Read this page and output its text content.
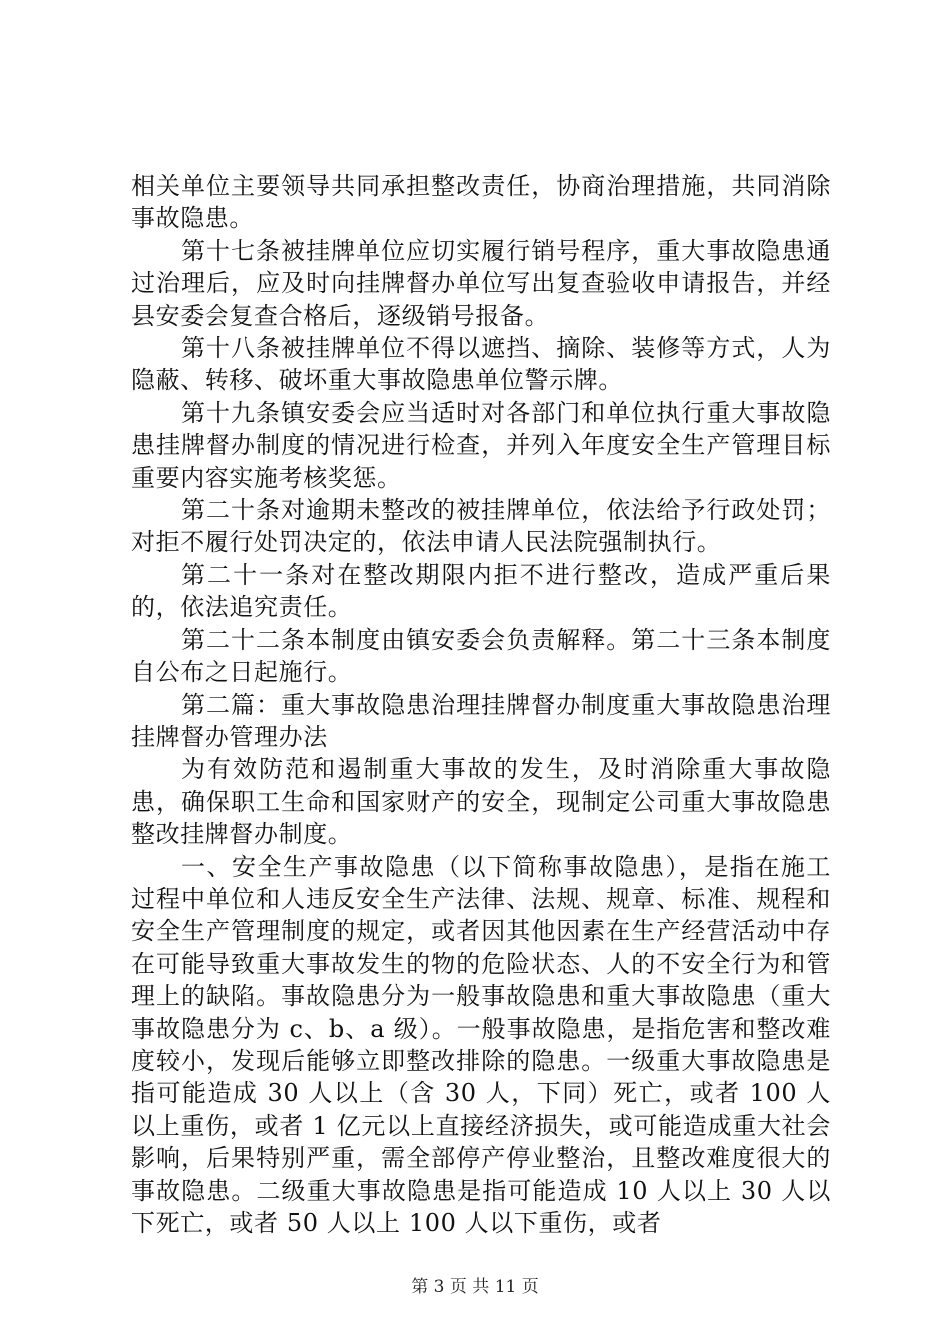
相关单位主要领导共同承担整改责任，协商治理措施，共同消除事故隐患。

第十七条被挂牌单位应切实履行销号程序，重大事故隐患通过治理后，应及时向挂牌督办单位写出复查验收申请报告，并经县安委会复查合格后，逐级销号报备。

第十八条被挂牌单位不得以遮挡、摘除、装修等方式，人为隐蔽、转移、破坏重大事故隐患单位警示牌。

第十九条镇安委会应当适时对各部门和单位执行重大事故隐患挂牌督办制度的情况进行检查，并列入年度安全生产管理目标重要内容实施考核奖惩。

第二十条对逾期未整改的被挂牌单位，依法给予行政处罚；对拒不履行处罚决定的，依法申请人民法院强制执行。

第二十一条对在整改期限内拒不进行整改，造成严重后果的，依法追究责任。

第二十二条本制度由镇安委会负责解释。第二十三条本制度自公布之日起施行。

第二篇：重大事故隐患治理挂牌督办制度重大事故隐患治理挂牌督办管理办法

为有效防范和遏制重大事故的发生，及时消除重大事故隐患，确保职工生命和国家财产的安全，现制定公司重大事故隐患整改挂牌督办制度。

一、安全生产事故隐患（以下简称事故隐患），是指在施工过程中单位和人违反安全生产法律、法规、规章、标准、规程和安全生产管理制度的规定，或者因其他因素在生产经营活动中存在可能导致重大事故发生的物的危险状态、人的不安全行为和管理上的缺陷。事故隐患分为一般事故隐患和重大事故隐患（重大事故隐患分为 c、b、a 级）。一般事故隐患，是指危害和整改难度较小，发现后能够立即整改排除的隐患。一级重大事故隐患是指可能造成 30 人以上（含 30 人，下同）死亡，或者 100 人以上重伤，或者 1 亿元以上直接经济损失，或可能造成重大社会影响，后果特别严重，需全部停产停业整治，且整改难度很大的事故隐患。二级重大事故隐患是指可能造成 10 人以上 30 人以下死亡，或者 50 人以上 100 人以下重伤，或者

第 3 页 共 11 页
